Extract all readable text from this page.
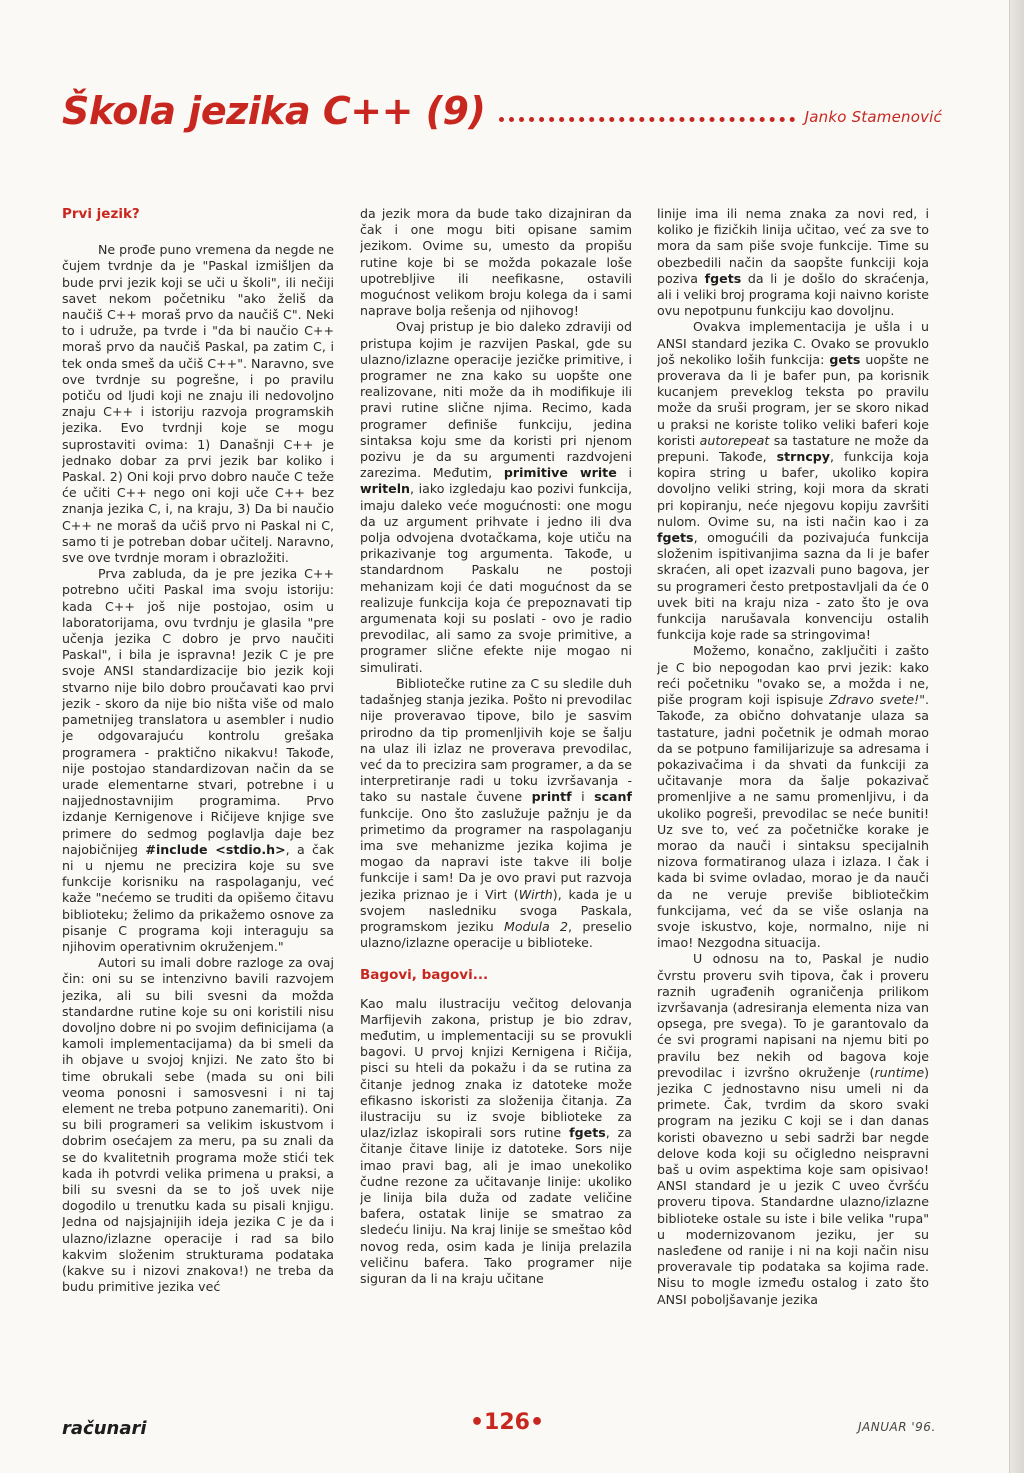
Škola jezika C++ (9)	Janko Stamenović
Prvi jezik?

Ne prođe puno vremena da negde ne čujem tvrdnje da je "Paskal izmišljen da bude prvi jezik koji se uči u školi", ili nečiji savet nekom početniku "ako želiš da naučiš C++ moraš prvo da naučiš C". Neki to i udruže, pa tvrde i "da bi naučio C++ moraš prvo da naučiš Paskal, pa zatim C, i tek onda smeš da učiš C++". Naravno, sve ove tvrdnje su pogrešne, i po pravilu potiču od ljudi koji ne znaju ili nedovoljno znaju C++ i istoriju razvoja programskih jezika. Evo tvrdnji koje se mogu suprostaviti ovima: 1) Današnji C++ je jednako dobar za prvi jezik bar koliko i Paskal. 2) Oni koji prvo dobro nauče C teže će učiti C++ nego oni koji uče C++ bez znanja jezika C, i, na kraju, 3) Da bi naučio C++ ne moraš da učiš prvo ni Paskal ni C, samo ti je potreban dobar učitelj. Naravno, sve ove tvrdnje moram i obrazložiti.

Prva zabluda, da je pre jezika C++ potrebno učiti Paskal ima svoju istoriju: kada C++ još nije postojao, osim u laboratorijama, ovu tvrdnju je glasila "pre učenja jezika C dobro je prvo naučiti Paskal", i bila je ispravna! Jezik C je pre svoje ANSI standardizacije bio jezik koji stvarno nije bilo dobro proučavati kao prvi jezik - skoro da nije bio ništa više od malo pametnijeg translatora u asembler i nudio je odgovarajuću kontrolu grešaka programera - praktično nikakvu! Takođe, nije postojao standardizovan način da se urade elementarne stvari, potrebne i u najjednostavnijim programima. Prvo izdanje Kernigenove i Ričijeve knjige sve primere do sedmog poglavlja daje bez najobičnijeg #include <stdio.h>, a čak ni u njemu ne precizira koje su sve funkcije korisniku na raspolaganju, već kaže "nećemo se truditi da opišemo čitavu biblioteku; želimo da prikažemo osnove za pisanje C programa koji interaguju sa njihovim operativnim okruženjem."

Autori su imali dobre razloge za ovaj čin: oni su se intenzivno bavili razvojem jezika, ali su bili svesni da možda standardne rutine koje su oni koristili nisu dovoljno dobre ni po svojim definicijama (a kamoli implementacijama) da bi smeli da ih objave u svojoj knjizi. Ne zato što bi time obrukali sebe (mada su oni bili veoma ponosni i samosvesni i ni taj element ne treba potpuno zanemariti). Oni su bili programeri sa velikim iskustvom i dobrim osećajem za meru, pa su znali da se do kvalitetnih programa može stići tek kada ih potvrdi velika primena u praksi, a bili su svesni da se to još uvek nije dogodilo u trenutku kada su pisali knjigu. Jedna od najsjajnijih ideja jezika C je da i ulazno/izlazne operacije i rad sa bilo kakvim složenim strukturama podataka (kakve su i nizovi znakova!) ne treba da budu primitive jezika već

da jezik mora da bude tako dizajniran da čak i one mogu biti opisane samim jezikom. Ovime su, umesto da propišu rutine koje bi se možda pokazale loše upotrebljive ili neefikasne, ostavili mogućnost velikom broju kolega da i sami naprave bolja rešenja od njihovog!

Ovaj pristup je bio daleko zdraviji od pristupa kojim je razvijen Paskal, gde su ulazno/izlazne operacije jezičke primitive, i programer ne zna kako su uopšte one realizovane, niti može da ih modifikuje ili pravi rutine slične njima. Recimo, kada programer definiše funkciju, jedina sintaksa koju sme da koristi pri njenom pozivu je da su argumenti razdvojeni zarezima. Međutim, primitive write i writeln, iako izgledaju kao pozivi funkcija, imaju daleko veće mogućnosti: one mogu da uz argument prihvate i jedno ili dva polja odvojena dvotačkama, koje utiču na prikazivanje tog argumenta. Takođe, u standardnom Paskalu ne postoji mehanizam koji će dati mogućnost da se realizuje funkcija koja će prepoznavati tip argumenata koji su poslati - ovo je radio prevodilac, ali samo za svoje primitive, a programer slične efekte nije mogao ni simulirati.

Bibliotečke rutine za C su sledile duh tadašnjeg stanja jezika. Pošto ni prevodilac nije proveravao tipove, bilo je sasvim prirodno da tip promenljivih koje se šalju na ulaz ili izlaz ne proverava prevodilac, već da to precizira sam programer, a da se interpretiranje radi u toku izvršavanja - tako su nastale čuvene printf i scanf funkcije. Ono što zaslužuje pažnju je da primetimo da programer na raspolaganju ima sve mehanizme jezika kojima je mogao da napravi iste takve ili bolje funkcije i sam! Da je ovo pravi put razvoja jezika priznao je i Virt (Wirth), kada je u svojem nasledniku svoga Paskala, programskom jeziku Modula 2, preselio ulazno/izlazne operacije u biblioteke.

Bagovi, bagovi...

Kao malu ilustraciju večitog delovanja Marfijevih zakona, pristup je bio zdrav, međutim, u implementaciji su se provukli bagovi. U prvoj knjizi Kernigena i Ričija, pisci su hteli da pokažu i da se rutina za čitanje jednog znaka iz datoteke može efikasno iskoristi za složenija čitanja. Za ilustraciju su iz svoje biblioteke za ulaz/izlaz iskopirali sors rutine fgets, za čitanje čitave linije iz datoteke. Sors nije imao pravi bag, ali je imao unekoliko čudne rezone za učitavanje linije: ukoliko je linija bila duža od zadate veličine bafera, ostatak linije se smatrao za sledeću liniju. Na kraj linije se smeštao kôd novog reda, osim kada je linija prelazila veličinu bafera. Tako programer nije siguran da li na kraju učitane

linije ima ili nema znaka za novi red, i koliko je fizičkih linija učitao, već za sve to mora da sam piše svoje funkcije. Time su obezbedili način da saopšte funkciji koja poziva fgets da li je došlo do skraćenja, ali i veliki broj programa koji naivno koriste ovu nepotpunu funkciju kao dovoljnu.

Ovakva implementacija je ušla i u ANSI standard jezika C. Ovako se provuklo još nekoliko loših funkcija: gets uopšte ne proverava da li je bafer pun, pa korisnik kucanjem preveklog teksta po pravilu može da sruši program, jer se skoro nikad u praksi ne koriste toliko veliki baferi koje koristi autorepeat sa tastature ne može da prepuni. Takođe, strncpy, funkcija koja kopira string u bafer, ukoliko kopira dovoljno veliki string, koji mora da skrati pri kopiranju, neće njegovu kopiju završiti nulom. Ovime su, na isti način kao i za fgets, omogućili da pozivajuća funkcija složenim ispitivanjima sazna da li je bafer skraćen, ali opet izazvali puno bagova, jer su programeri često pretpostavljali da će 0 uvek biti na kraju niza - zato što je ova funkcija narušavala konvenciju ostalih funkcija koje rade sa stringovima!

Možemo, konačno, zaključiti i zašto je C bio nepogodan kao prvi jezik: kako reći početniku "ovako se, a možda i ne, piše program koji ispisuje Zdravo svete!". Takođe, za obično dohvatanje ulaza sa tastature, jadni početnik je odmah morao da se potpuno familijarizuje sa adresama i pokazivačima i da shvati da funkciji za učitavanje mora da šalje pokazivač promenljive a ne samu promenljivu, i da ukoliko pogreši, prevodilac se neće buniti! Uz sve to, već za početničke korake je morao da nauči i sintaksu specijalnih nizova formatiranog ulaza i izlaza. I čak i kada bi svime ovladao, morao je da nauči da ne veruje previše bibliotečkim funkcijama, već da se više oslanja na svoje iskustvo, koje, normalno, nije ni imao! Nezgodna situacija.

U odnosu na to, Paskal je nudio čvrstu proveru svih tipova, čak i proveru raznih ugrađenih ograničenja prilikom izvršavanja (adresiranja elementa niza van opsega, pre svega). To je garantovalo da će svi programi napisani na njemu biti po pravilu bez nekih od bagova koje prevodilac i izvršno okruženje (runtime) jezika C jednostavno nisu umeli ni da primete. Čak, tvrdim da skoro svaki program na jeziku C koji se i dan danas koristi obavezno u sebi sadrži bar negde delove koda koji su očigledno neispravni baš u ovim aspektima koje sam opisivao! ANSI standard je u jezik C uveo čvršću proveru tipova. Standardne ulazno/izlazne biblioteke ostale su iste i bile velika "rupa" u modernizovanom jeziku, jer su nasleđene od ranije i ni na koji način nisu proveravale tip podataka sa kojima rade. Nisu to mogle između ostalog i zato što ANSI poboljšavanje jezika

računari	•126•	JANUAR '96.
